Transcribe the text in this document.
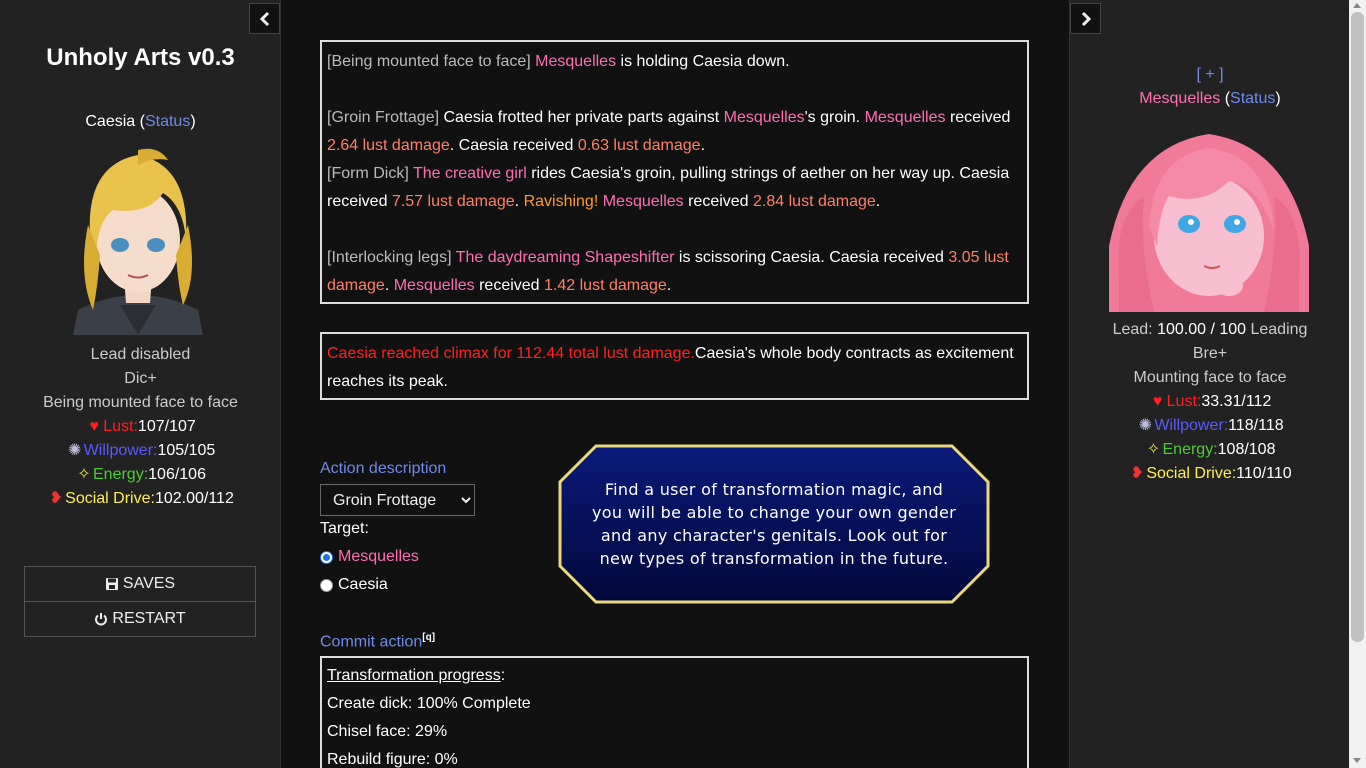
Unholy Arts v0.3
Caesia (Status)
Lead disabled
Dic+
Being mounted face to face
♥ Lust:107/107
✺ Willpower:105/105
✧ Energy:106/106
❥ Social Drive:102.00/112
SAVES
RESTART
[Being mounted face to face] Mesquelles is holding Caesia down.

[Groin Frottage] Caesia frotted her private parts against Mesquelles's groin. Mesquelles received 2.64 lust damage. Caesia received 0.63 lust damage.
[Form Dick] The creative girl rides Caesia's groin, pulling strings of aether on her way up. Caesia received 7.57 lust damage. Ravishing! Mesquelles received 2.84 lust damage.

[Interlocking legs] The daydreaming Shapeshifter is scissoring Caesia. Caesia received 3.05 lust damage. Mesquelles received 1.42 lust damage.
Caesia reached climax for 112.44 total lust damage.Caesia's whole body contracts as excitement reaches its peak.
Action description
Groin Frottage
Target:
Mesquelles
Caesia
Find a user of transformation magic, and you will be able to change your own gender and any character's genitals. Look out for new types of transformation in the future.
Commit action[q]
Transformation progress:
Create dick: 100% Complete
Chisel face: 29%
Rebuild figure: 0%
[ + ]
Mesquelles (Status)
Lead: 100.00 / 100 Leading
Bre+
Mounting face to face
♥ Lust:33.31/112
✺ Willpower:118/118
✧ Energy:108/108
❥ Social Drive:110/110
